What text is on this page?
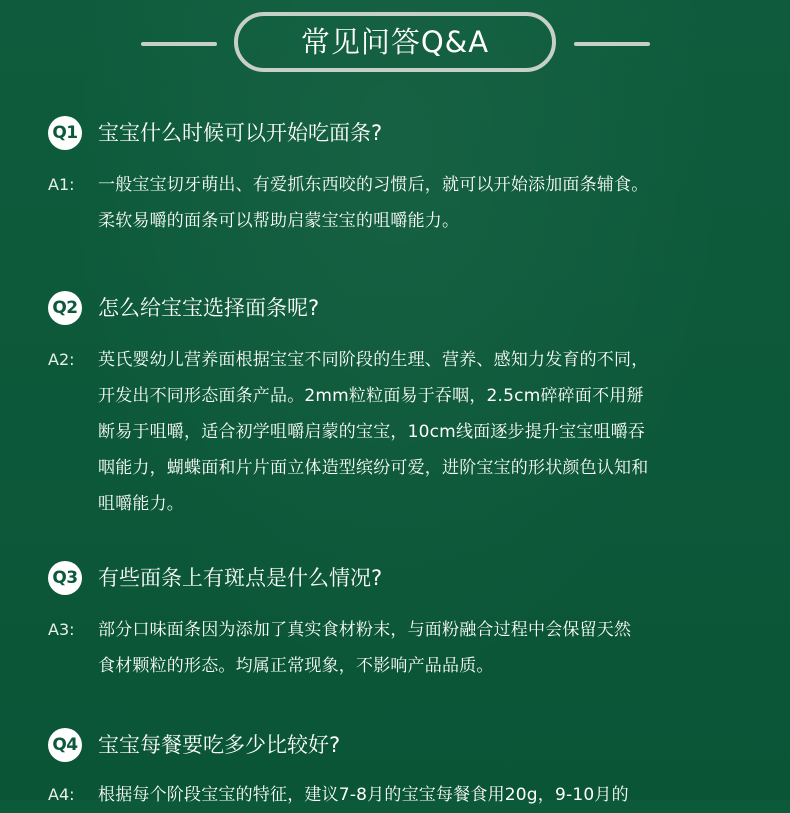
常见问答Q&A
Q1 宝宝什么时候可以开始吃面条?
A1: 一般宝宝切牙萌出、有爱抓东西咬的习惯后，就可以开始添加面条辅食。
柔软易嚼的面条可以帮助启蒙宝宝的咀嚼能力。
Q2 怎么给宝宝选择面条呢?
A2: 英氏婴幼儿营养面根据宝宝不同阶段的生理、营养、感知力发育的不同，
开发出不同形态面条产品。2mm粒粒面易于吞咽，2.5cm碎碎面不用掰
断易于咀嚼，适合初学咀嚼启蒙的宝宝，10cm线面逐步提升宝宝咀嚼吞
咽能力，蝴蝶面和片片面立体造型缤纷可爱，进阶宝宝的形状颜色认知和
咀嚼能力。
Q3 有些面条上有斑点是什么情况?
A3: 部分口味面条因为添加了真实食材粉末，与面粉融合过程中会保留天然
食材颗粒的形态。均属正常现象，不影响产品品质。
Q4 宝宝每餐要吃多少比较好?
A4: 根据每个阶段宝宝的特征，建议7-8月的宝宝每餐食用20g，9-10月的
